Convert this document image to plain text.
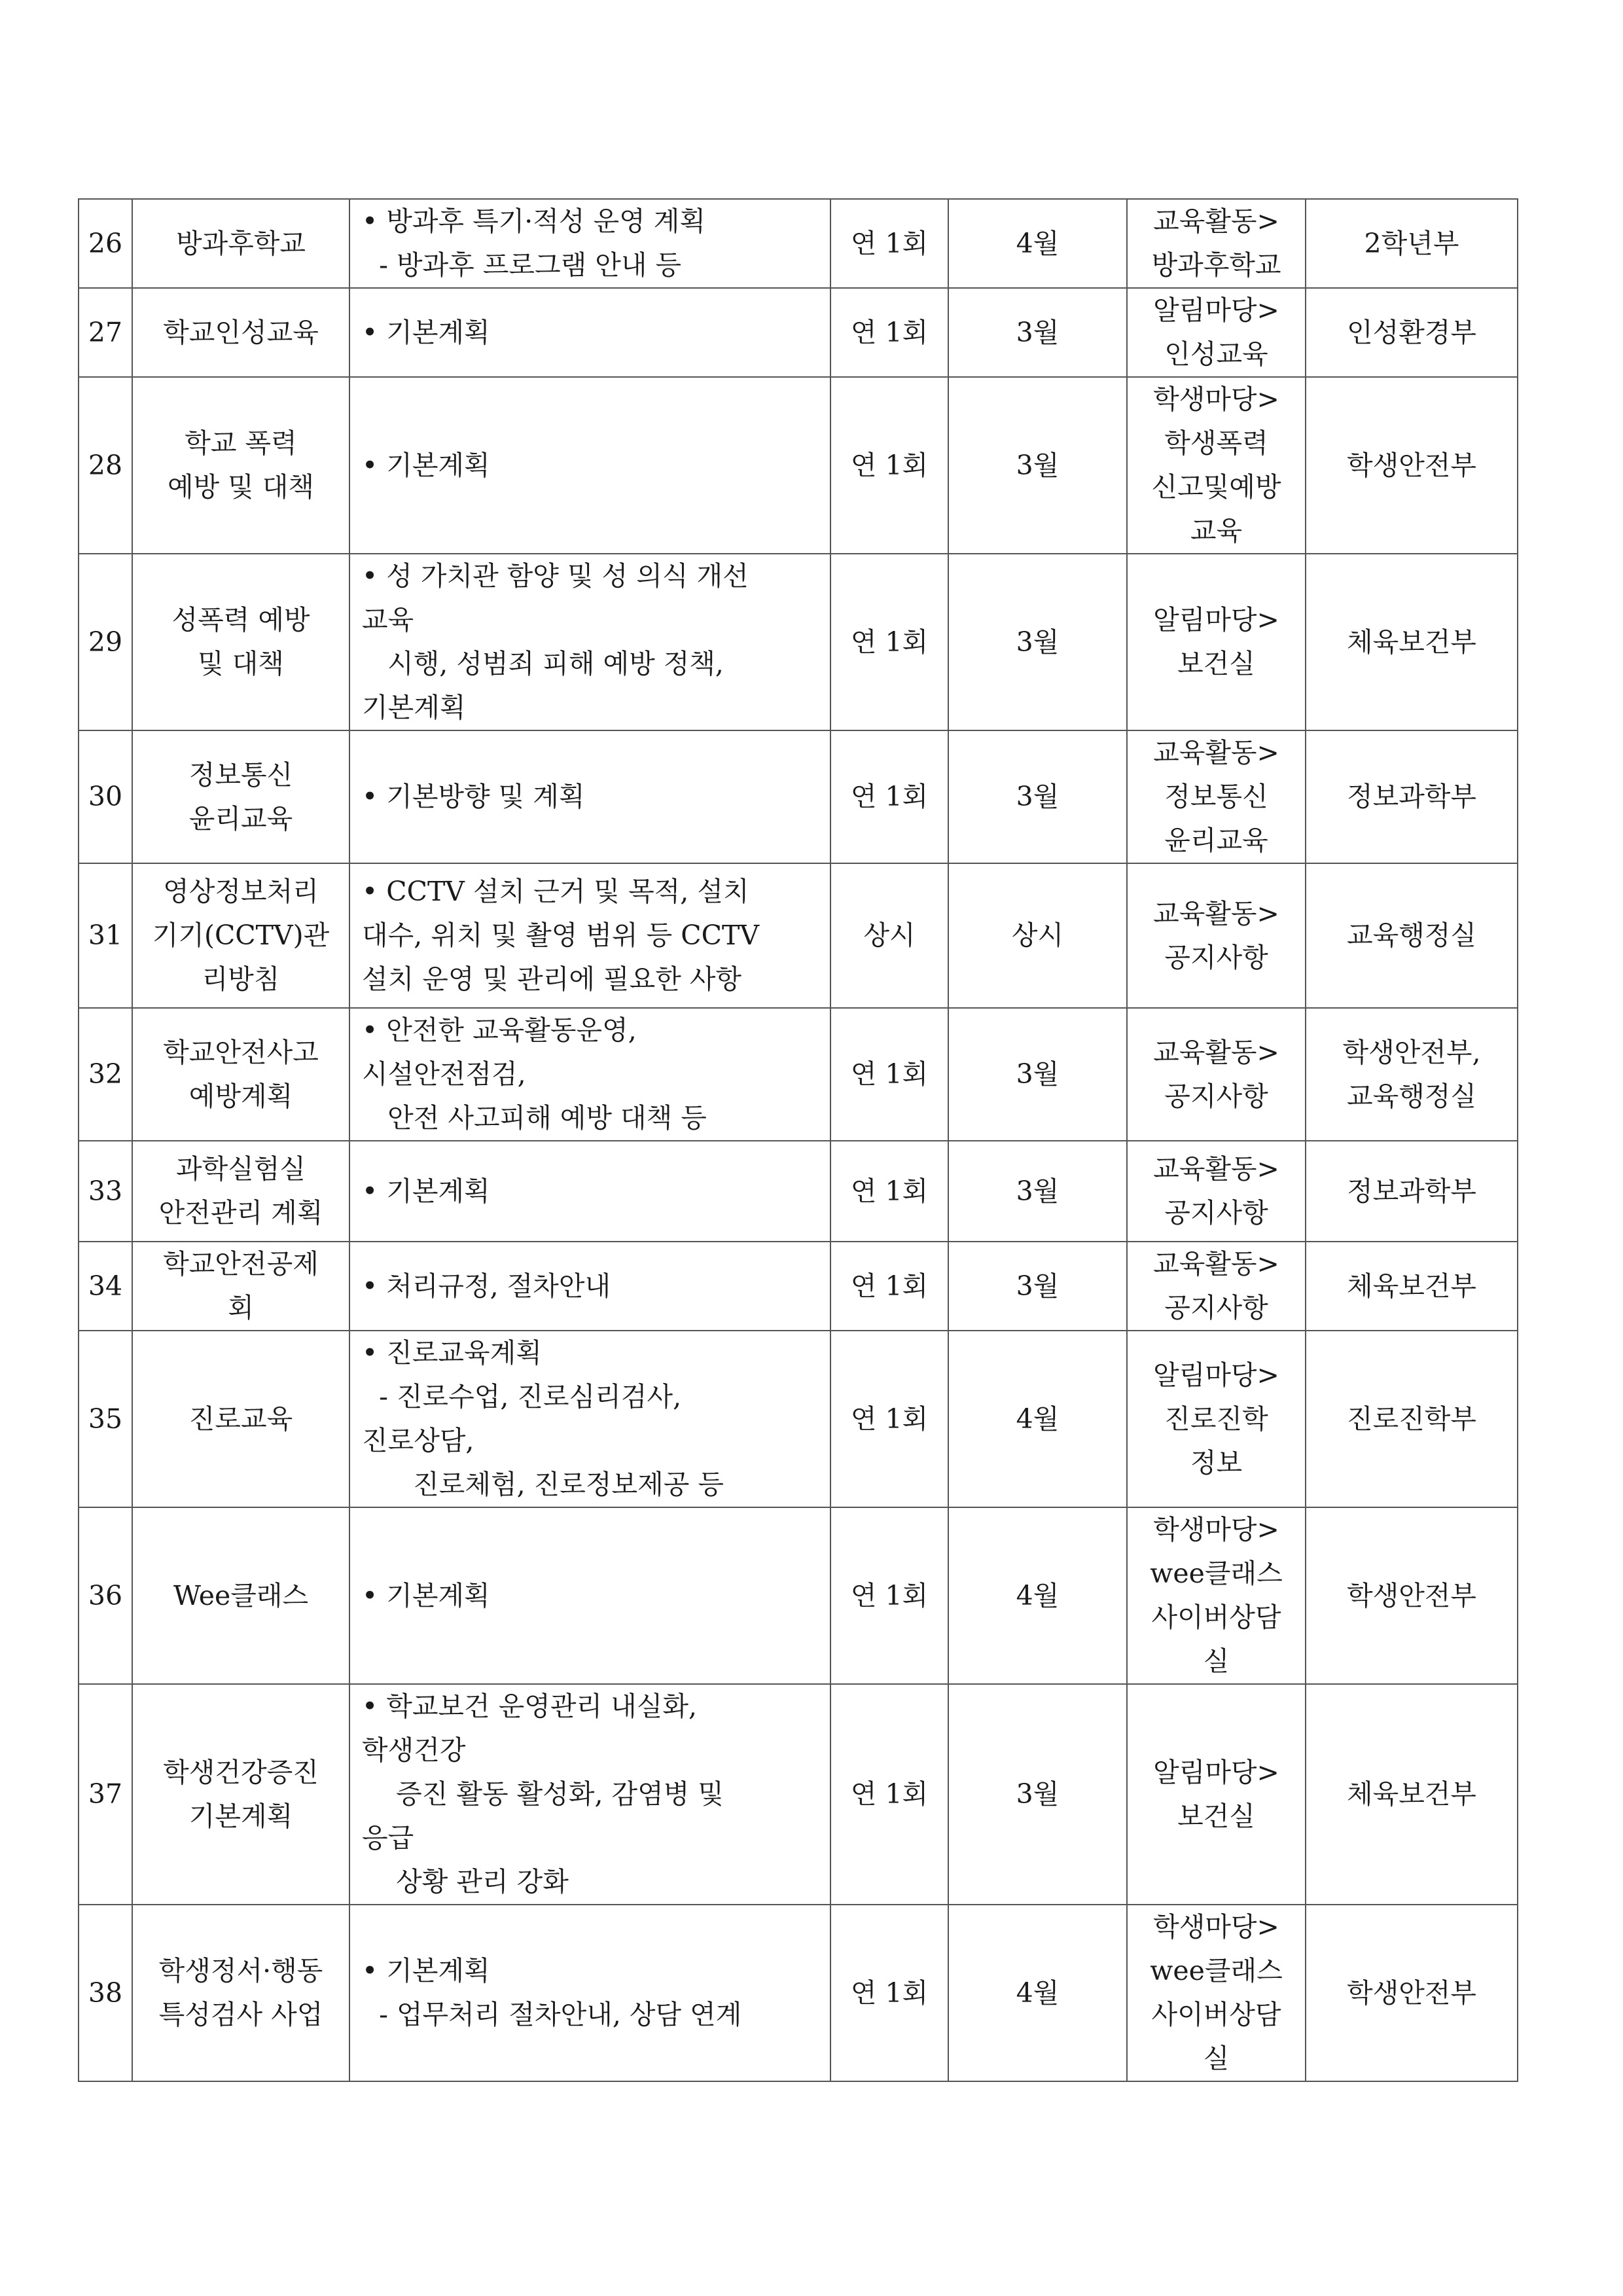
26	방과후학교	• 방과후 특기·적성 운영 계획
- 방과후 프로그램 안내 등	연 1회	4월	교육활동>
방과후학교	2학년부

27	학교인성교육	• 기본계획	연 1회	3월	알림마당>
인성교육	인성환경부

28	학교 폭력
예방 및 대책	• 기본계획	연 1회	3월	학생마당>
학생폭력
신고및예방
교육	학생안전부

29	성폭력 예방
및 대책	• 성 가치관 함양 및 성 의식 개선
교육
시행, 성범죄 피해 예방 정책,
기본계획	연 1회	3월	알림마당>
보건실	체육보건부

30	정보통신
윤리교육	• 기본방향 및 계획	연 1회	3월	교육활동>
정보통신
윤리교육	정보과학부

31	영상정보처리
기기(CCTV)관
리방침	• CCTV 설치 근거 및 목적, 설치
대수, 위치 및 촬영 범위 등 CCTV
설치 운영 및 관리에 필요한 사항	상시	상시	교육활동>
공지사항	교육행정실

32	학교안전사고
예방계획	• 안전한 교육활동운영,
시설안전점검,
안전 사고피해 예방 대책 등	연 1회	3월	교육활동>
공지사항	학생안전부,
교육행정실

33	과학실험실
안전관리 계획	• 기본계획	연 1회	3월	교육활동>
공지사항	정보과학부

34	학교안전공제
회	• 처리규정, 절차안내	연 1회	3월	교육활동>
공지사항	체육보건부

35	진로교육	• 진로교육계획
- 진로수업, 진로심리검사,
진로상담,
진로체험, 진로정보제공 등	연 1회	4월	알림마당>
진로진학
정보	진로진학부

36	Wee클래스	• 기본계획	연 1회	4월	학생마당>
wee클래스
사이버상담
실	학생안전부

37	학생건강증진
기본계획	• 학교보건 운영관리 내실화,
학생건강
증진 활동 활성화, 감염병 및
응급
상황 관리 강화	연 1회	3월	알림마당>
보건실	체육보건부

38	학생정서·행동
특성검사 사업	• 기본계획
- 업무처리 절차안내, 상담 연계	연 1회	4월	학생마당>
wee클래스
사이버상담
실	학생안전부
